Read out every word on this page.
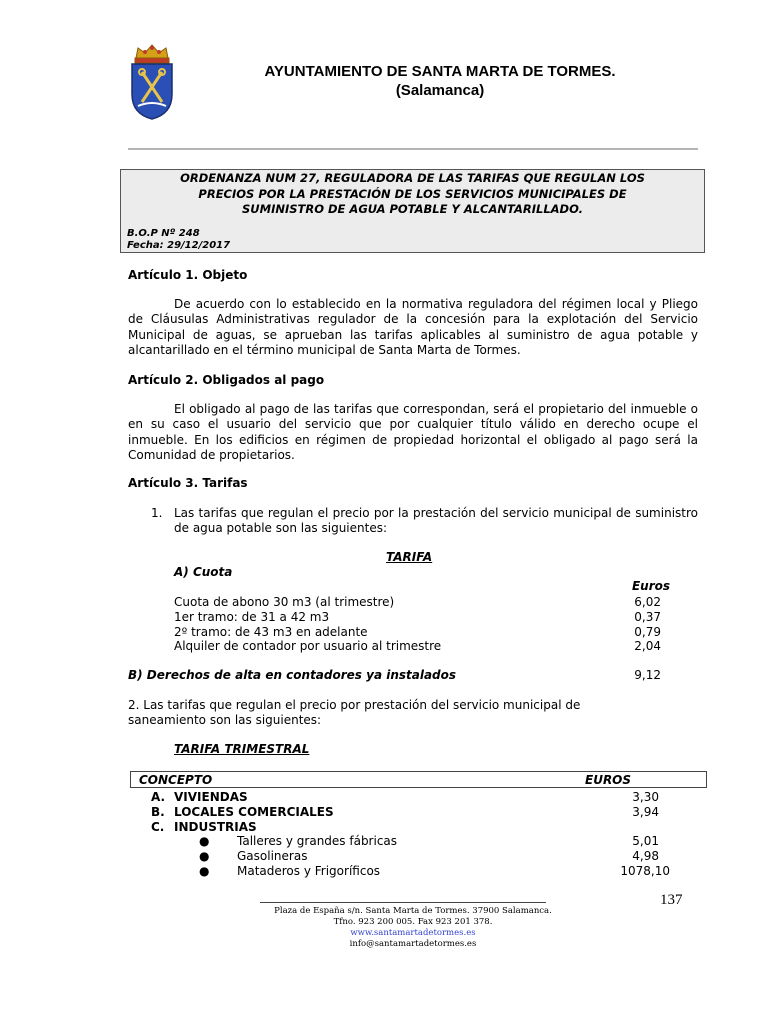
AYUNTAMIENTO DE SANTA MARTA DE TORMES.
(Salamanca)
ORDENANZA NUM 27, REGULADORA DE LAS TARIFAS QUE REGULAN LOS
PRECIOS POR LA PRESTACIÓN DE LOS SERVICIOS MUNICIPALES DE
SUMINISTRO DE AGUA POTABLE Y ALCANTARILLADO.
B.O.P Nº 248
Fecha: 29/12/2017
Artículo 1. Objeto
De acuerdo con lo establecido en la normativa reguladora del régimen local y Pliego de Cláusulas Administrativas regulador de la concesión para la explotación del Servicio Municipal de aguas, se aprueban las tarifas aplicables al suministro de agua potable y alcantarillado en el término municipal de Santa Marta de Tormes.
Artículo 2. Obligados al pago
El obligado al pago de las tarifas que correspondan, será el propietario del inmueble o en su caso el usuario del servicio que por cualquier título válido en derecho ocupe el inmueble. En los edificios en régimen de propiedad horizontal el obligado al pago será la Comunidad de propietarios.
Artículo 3. Tarifas
1. Las tarifas que regulan el precio por la prestación del servicio municipal de suministro de agua potable son las siguientes:
TARIFA
A) Cuota
Euros
Cuota de abono 30 m3 (al trimestre)	6,02
1er tramo: de 31 a 42 m3	0,37
2º tramo: de 43 m3 en adelante	0,79
Alquiler de contador por usuario al trimestre	2,04
B) Derechos de alta en contadores ya instalados	9,12
2. Las tarifas que regulan el precio por prestación del servicio municipal de saneamiento son las siguientes:
TARIFA TRIMESTRAL
CONCEPTO	EUROS
A. VIVIENDAS	3,30
B. LOCALES COMERCIALES	3,94
C. INDUSTRIAS
● Talleres y grandes fábricas	5,01
● Gasolineras	4,98
● Mataderos y Frigoríficos	1078,10
137
Plaza de España s/n. Santa Marta de Tormes. 37900 Salamanca.
Tfno. 923 200 005. Fax 923 201 378.
www.santamartadetormes.es
info@santamartadetormes.es
